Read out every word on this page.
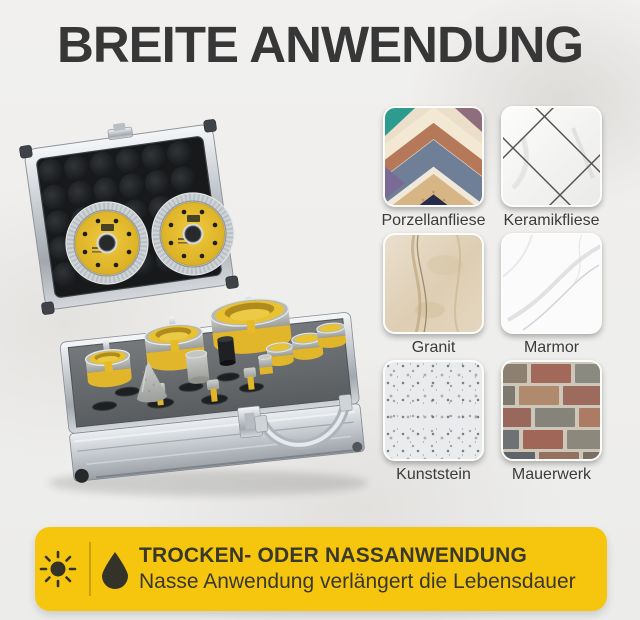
BREITE ANWENDUNG
Porzellanfliese Keramikfliese
Granit	Marmor
Kunststein	Mauerwerk
TROCKEN- ODER NASSANWENDUNG
Nasse Anwendung verlängert die Lebensdauer
